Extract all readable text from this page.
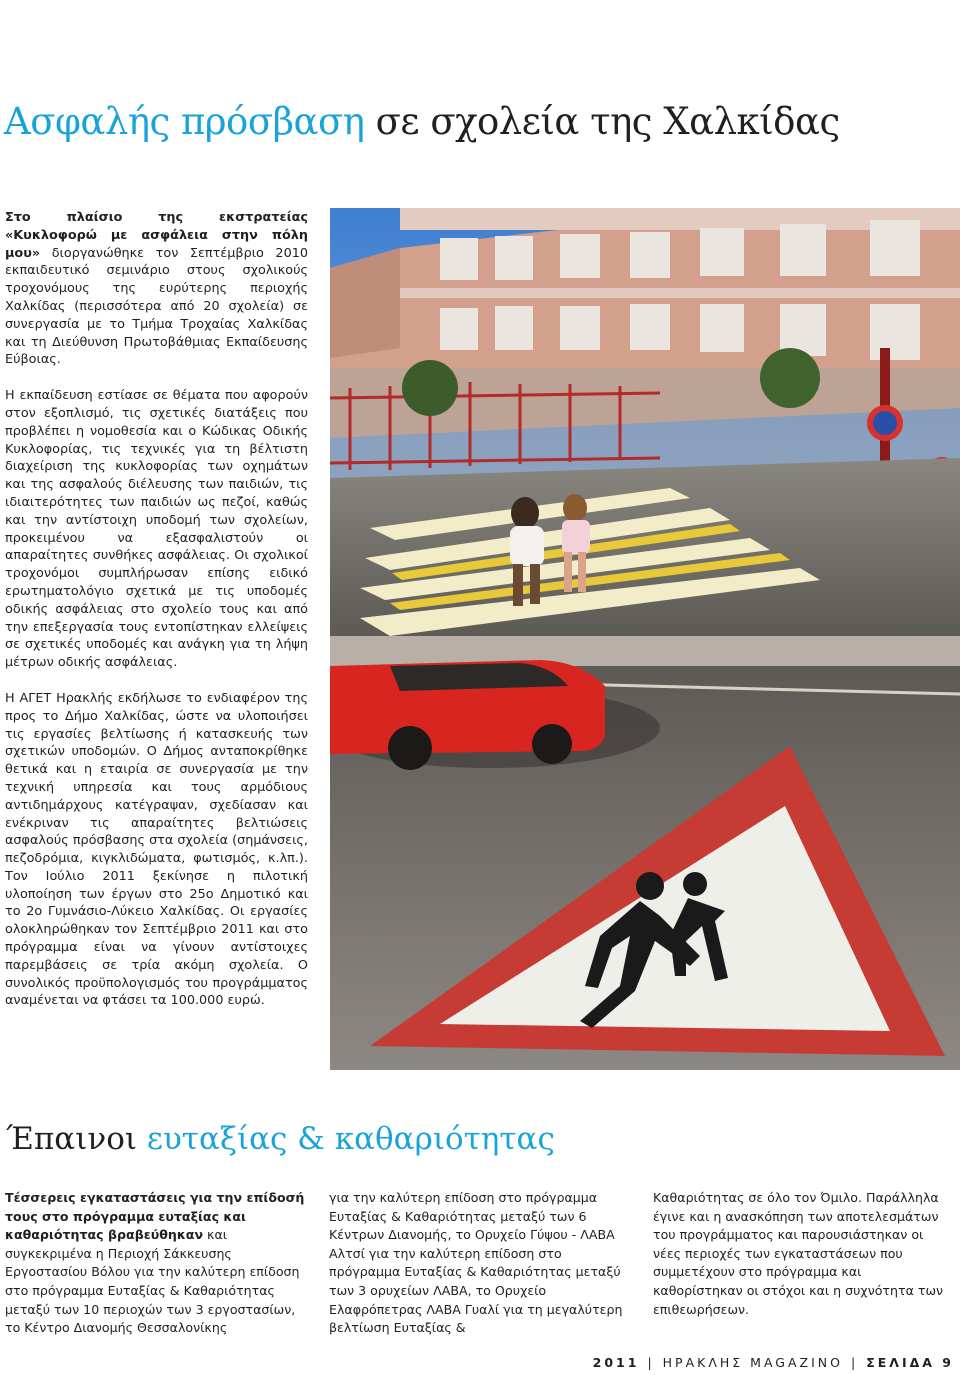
Ασφαλής πρόσβαση σε σχολεία της Χαλκίδας

Στο πλαίσιο της εκστρατείας «Κυκλοφορώ με ασφάλεια στην πόλη μου» διοργανώθηκε τον Σεπτέμβριο 2010 εκπαιδευτικό σεμινάριο στους σχολικούς τροχονόμους της ευρύτερης περιοχής Χαλκίδας (περισσότερα από 20 σχολεία) σε συνεργασία με το Τμήμα Τροχαίας Χαλκίδας και τη Διεύθυνση Πρωτοβάθμιας Εκπαίδευσης Εύβοιας.

Η εκπαίδευση εστίασε σε θέματα που αφορούν στον εξοπλισμό, τις σχετικές διατάξεις που προβλέπει η νομοθεσία και ο Κώδικας Οδικής Κυκλοφορίας, τις τεχνικές για τη βέλτιστη διαχείριση της κυκλοφορίας των οχημάτων και της ασφαλούς διέλευσης των παιδιών, τις ιδιαιτερότητες των παιδιών ως πεζοί, καθώς και την αντίστοιχη υποδομή των σχολείων, προκειμένου να εξασφαλιστούν οι απαραίτητες συνθήκες ασφάλειας. Οι σχολικοί τροχονόμοι συμπλήρωσαν επίσης ειδικό ερωτηματολόγιο σχετικά με τις υποδομές οδικής ασφάλειας στο σχολείο τους και από την επεξεργασία τους εντοπίστηκαν ελλείψεις σε σχετικές υποδομές και ανάγκη για τη λήψη μέτρων οδικής ασφάλειας.

Η ΑΓΕΤ Ηρακλής εκδήλωσε το ενδιαφέρον της προς το Δήμο Χαλκίδας, ώστε να υλοποιήσει τις εργασίες βελτίωσης ή κατασκευής των σχετικών υποδομών. Ο Δήμος ανταποκρίθηκε θετικά και η εταιρία σε συνεργασία με την τεχνική υπηρεσία και τους αρμόδιους αντιδημάρχους κατέγραψαν, σχεδίασαν και ενέκριναν τις απαραίτητες βελτιώσεις ασφαλούς πρόσβασης στα σχολεία (σημάνσεις, πεζοδρόμια, κιγκλιδώματα, φωτισμός, κ.λπ.). Τον Ιούλιο 2011 ξεκίνησε η πιλοτική υλοποίηση των έργων στο 25ο Δημοτικό και το 2ο Γυμνάσιο-Λύκειο Χαλκίδας. Οι εργασίες ολοκληρώθηκαν τον Σεπτέμβριο 2011 και στο πρόγραμμα είναι να γίνουν αντίστοιχες παρεμβάσεις σε τρία ακόμη σχολεία. Ο συνολικός προϋπολογισμός του προγράμματος αναμένεται να φτάσει τα 100.000 ευρώ.

Έπαινοι ευταξίας & καθαριότητας

Τέσσερεις εγκαταστάσεις για την επίδοσή τους στο πρόγραμμα ευταξίας και καθαριότητας βραβεύθηκαν και συγκεκριμένα η Περιοχή Σάκκευσης Εργοστασίου Βόλου για την καλύτερη επίδοση στο πρόγραμμα Ευταξίας & Καθαριότητας μεταξύ των 10 περιοχών των 3 εργοστασίων, το Κέντρο Διανομής Θεσσαλονίκης

για την καλύτερη επίδοση στο πρόγραμμα Ευταξίας & Καθαριότητας μεταξύ των 6 Κέντρων Διανομής, το Ορυχείο Γύψου - ΛΑΒΑ Αλτσί για την καλύτερη επίδοση στο πρόγραμμα Ευταξίας & Καθαριότητας μεταξύ των 3 ορυχείων ΛΑΒΑ, το Ορυχείο Ελαφρόπετρας ΛΑΒΑ Γυαλί για τη μεγαλύτερη βελτίωση Ευταξίας &

Καθαριότητας σε όλο τον Όμιλο. Παράλληλα έγινε και η ανασκόπηση των αποτελεσμάτων του προγράμματος και παρουσιάστηκαν οι νέες περιοχές των εγκαταστάσεων που συμμετέχουν στο πρόγραμμα και καθορίστηκαν οι στόχοι και η συχνότητα των επιθεωρήσεων.

2011 | ΗΡΑΚΛΗΣ MAGAZINO | ΣΕΛΙΔΑ 9
